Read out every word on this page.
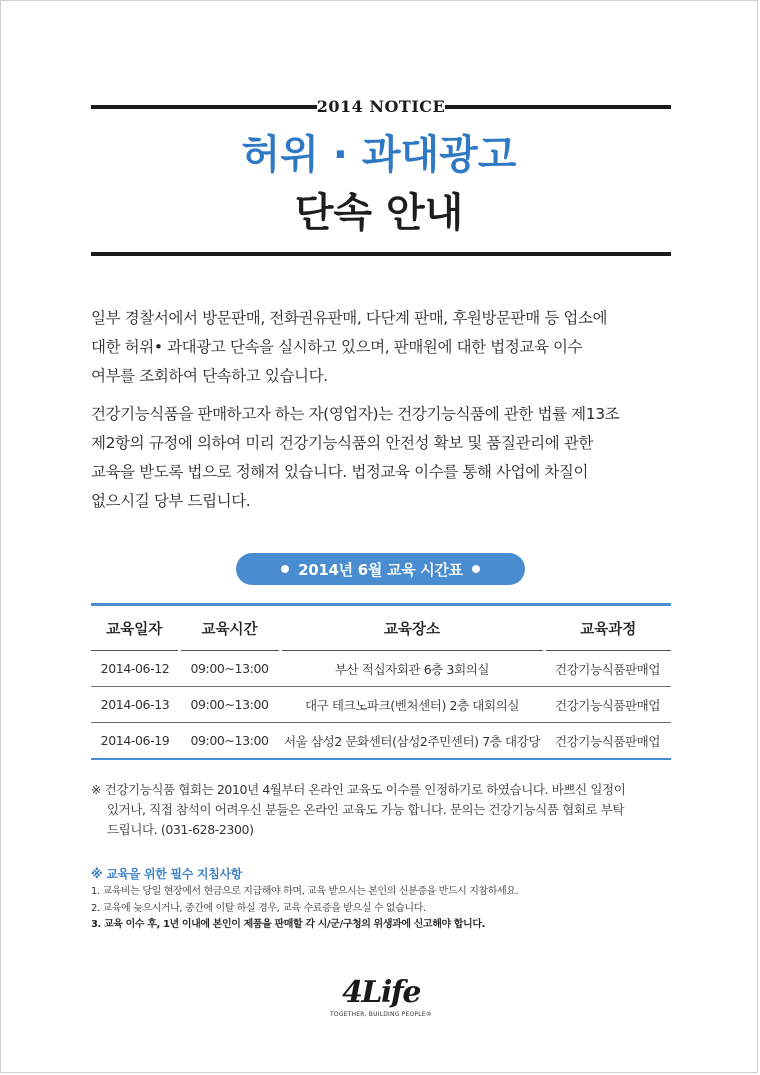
2014 NOTICE
허위 · 과대광고
단속 안내
일부 경찰서에서 방문판매, 전화권유판매, 다단계 판매, 후원방문판매 등 업소에
대한 허위• 과대광고 단속을 실시하고 있으며, 판매원에 대한 법정교육 이수
여부를 조회하여 단속하고 있습니다.
건강기능식품을 판매하고자 하는 자(영업자)는 건강기능식품에 관한 법률 제13조
제2항의 규정에 의하여 미리 건강기능식품의 안전성 확보 및 품질관리에 관한
교육을 받도록 법으로 정해져 있습니다. 법정교육 이수를 통해 사업에 차질이
없으시길 당부 드립니다.
2014년 6월 교육 시간표
교육일자	교육시간	교육장소	교육과정
2014-06-12	09:00~13:00	부산 적십자회관 6층 3회의실	건강기능식품판매업
2014-06-13	09:00~13:00	대구 테크노파크(벤처센터) 2층 대회의실	건강기능식품판매업
2014-06-19	09:00~13:00	서울 삼성2 문화센터(삼성2주민센터) 7층 대강당	건강기능식품판매업
※ 건강기능식품 협회는 2010년 4월부터 온라인 교육도 이수를 인정하기로 하였습니다. 바쁘신 일정이
있거나, 직접 참석이 어려우신 분들은 온라인 교육도 가능 합니다. 문의는 건강기능식품 협회로 부탁
드립니다. (031-628-2300)
※ 교육을 위한 필수 지침사항
1. 교육비는 당일 현장에서 현금으로 지급해야 하며, 교육 받으시는 본인의 신분증을 반드시 지참하세요.
2. 교육에 늦으시거나, 중간에 이탈 하실 경우, 교육 수료증을 받으실 수 없습니다.
3. 교육 이수 후, 1년 이내에 본인이 제품을 판매할 각 시/군/구청의 위생과에 신고해야 합니다.
4Life
TOGETHER, BUILDING PEOPLE®
